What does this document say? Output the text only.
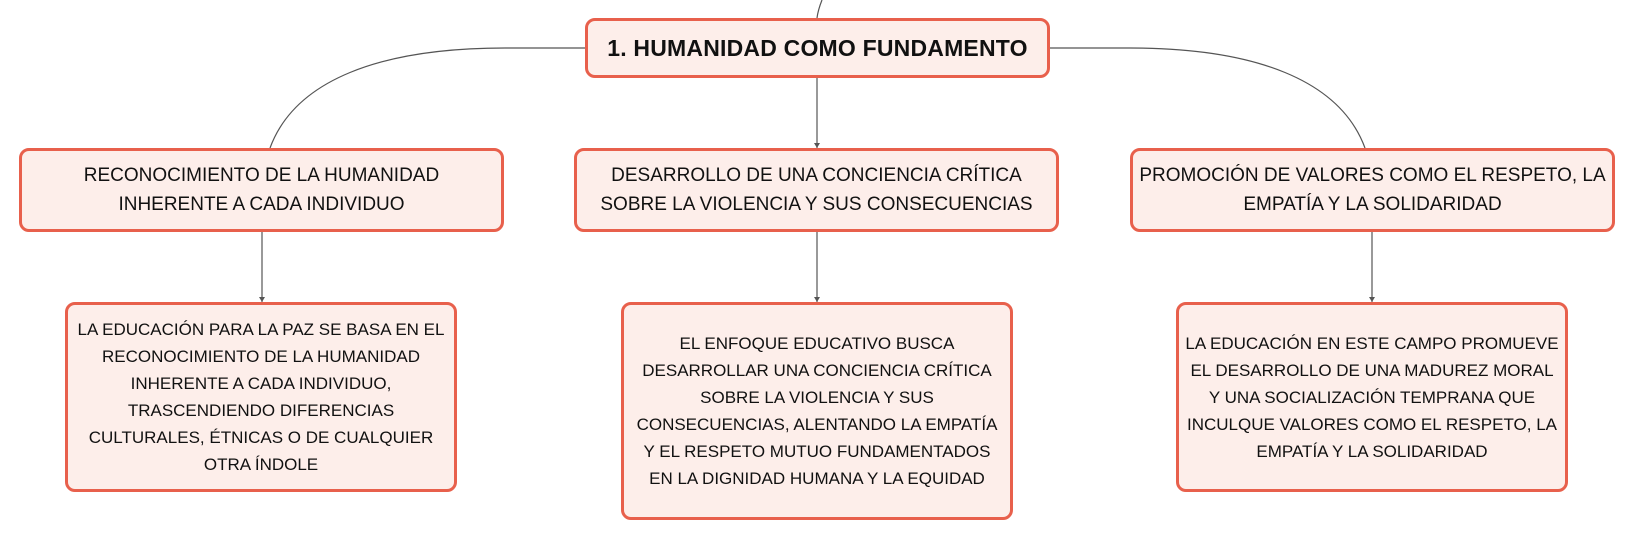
1. HUMANIDAD COMO FUNDAMENTO
RECONOCIMIENTO DE LA HUMANIDAD INHERENTE A CADA INDIVIDUO
DESARROLLO DE UNA CONCIENCIA CRÍTICA SOBRE LA VIOLENCIA Y SUS CONSECUENCIAS
PROMOCIÓN DE VALORES COMO EL RESPETO, LA EMPATÍA Y LA SOLIDARIDAD
LA EDUCACIÓN PARA LA PAZ SE BASA EN EL RECONOCIMIENTO DE LA HUMANIDAD INHERENTE A CADA INDIVIDUO, TRASCENDIENDO DIFERENCIAS CULTURALES, ÉTNICAS O DE CUALQUIER OTRA ÍNDOLE
EL ENFOQUE EDUCATIVO BUSCA DESARROLLAR UNA CONCIENCIA CRÍTICA SOBRE LA VIOLENCIA Y SUS CONSECUENCIAS, ALENTANDO LA EMPATÍA Y EL RESPETO MUTUO FUNDAMENTADOS EN LA DIGNIDAD HUMANA Y LA EQUIDAD
LA EDUCACIÓN EN ESTE CAMPO PROMUEVE EL DESARROLLO DE UNA MADUREZ MORAL Y UNA SOCIALIZACIÓN TEMPRANA QUE INCULQUE VALORES COMO EL RESPETO, LA EMPATÍA Y LA SOLIDARIDAD
